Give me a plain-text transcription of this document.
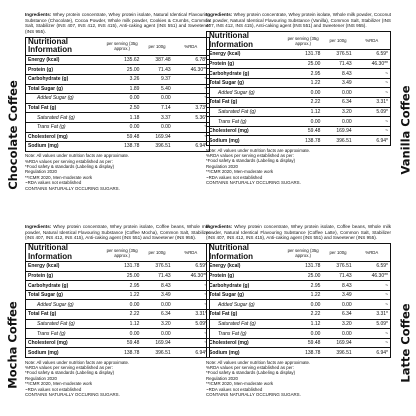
Chocolate Coffee	Vanilla Coffee
Mocha Coffee	Latte Coffee

Ingredients: Whey protein concentrate, Whey protein isolate, Natural Identical Flavouring Substance (Chocolate), Cocoa Powder, Whole milk powder, Cookies & Crumbs, Common Salt, Stabilizer (INS 407, INS 412, INS 415), Anti-caking agent (INS 551) and Sweetener (INS 955).

Nutritional Information	per serving (35g approx.)	per 100g	%RDA
Energy (kcal)	135.62	387.48	6.78*
Protein (g)	25.00	71.43	46.30**
Carbohydrate (g)	3.26	9.37	~
Total Sugar (g)	1.89	5.40	~
Added Sugar (g)	0.00	0.00	~
Total Fat (g)	2.50	7.14	3.73*
Saturated Fat (g)	1.18	3.37	5.36*
Trans Fat (g)	0.00	0.00	~
Cholesterol (mg)	59.48	169.94	~
Sodium (mg)	138.78	396.51	6.94*
Note: All values under nutrition facts are approximate.
%RDA values per serving established as per:
*Food safety & standards (Labeling & display)
Regulation 2020
**ICMR 2020, Men-moderate work
~RDA values not established
CONTAINS NATURALLY OCCURING SUGARS.

Ingredients: Whey protein concentrate, Whey protein isolate, Whole milk powder, Coconut fat powder, Natural Identical Flavouring Substance (Vanilla), Common Salt, Stabilizer (INS 407, INS 412, INS 415), Anti-caking agent (INS 551) and Sweetener (INS 955).

Nutritional Information	per serving (35g approx.)	per 100g	%RDA
Energy (kcal)	131.78	376.51	6.59*
Protein (g)	25.00	71.43	46.30**
Carbohydrate (g)	2.95	8.43	~
Total Sugar (g)	1.22	3.49	~
Added Sugar (g)	0.00	0.00	~
Total Fat (g)	2.22	6.34	3.31*
Saturated Fat (g)	1.12	3.20	5.09*
Trans Fat (g)	0.00	0.00	~
Cholesterol (mg)	59.48	169.94	~
Sodium (mg)	138.78	396.51	6.94*
Note: All values under nutrition facts are approximate.
%RDA values per serving established as per:
*Food safety & standards (Labeling & display)
Regulation 2020
**ICMR 2020, Men-moderate work
~RDA values not established
CONTAINS NATURALLY OCCURING SUGARS.

Ingredients: Whey protein concentrate, Whey protein isolate, Coffee beans, Whole milk powder, Natural Identical Flavouring Substance (Coffee Mocha), Common Salt, Stabilizer (INS 407, INS 412, INS 415), Anti-caking agent (INS 551) and Sweetener (INS 955).

Nutritional Information	per serving (35g approx.)	per 100g	%RDA
Energy (kcal)	131.78	376.51	6.59*
Protein (g)	25.00	71.43	46.30**
Carbohydrate (g)	2.95	8.43	~
Total Sugar (g)	1.22	3.49	~
Added Sugar (g)	0.00	0.00	~
Total Fat (g)	2.22	6.34	3.31*
Saturated Fat (g)	1.12	3.20	5.09*
Trans Fat (g)	0.00	0.00	~
Cholesterol (mg)	59.48	169.94	~
Sodium (mg)	138.78	396.51	6.94*
Note: All values under nutrition facts are approximate.
%RDA values per serving established as per:
*Food safety & standards (Labeling & display)
Regulation 2020
**ICMR 2020, Men-moderate work
~RDA values not established
CONTAINS NATURALLY OCCURING SUGARS.

Ingredients: Whey protein concentrate, Whey protein isolate, Coffee beans, Whole milk powder, Natural Identical Flavouring Substance (Coffee Latte), Common Salt, Stabilizer (INS 407, INS 412, INS 415), Anti-caking agent (INS 551) and Sweetener (INS 955).

Nutritional Information	per serving (35g approx.)	per 100g	%RDA
Energy (kcal)	131.78	376.51	6.59*
Protein (g)	25.00	71.43	46.30**
Carbohydrate (g)	2.95	8.43	~
Total Sugar (g)	1.22	3.49	~
Added Sugar (g)	0.00	0.00	~
Total Fat (g)	2.22	6.34	3.31*
Saturated Fat (g)	1.12	3.20	5.09*
Trans Fat (g)	0.00	0.00	~
Cholesterol (mg)	59.48	169.94	~
Sodium (mg)	138.78	396.51	6.94*
Note: All values under nutrition facts are approximate.
%RDA values per serving established as per:
*Food safety & standards (Labeling & display)
Regulation 2020
**ICMR 2020, Men-moderate work
~RDA values not established
CONTAINS NATURALLY OCCURING SUGARS.
